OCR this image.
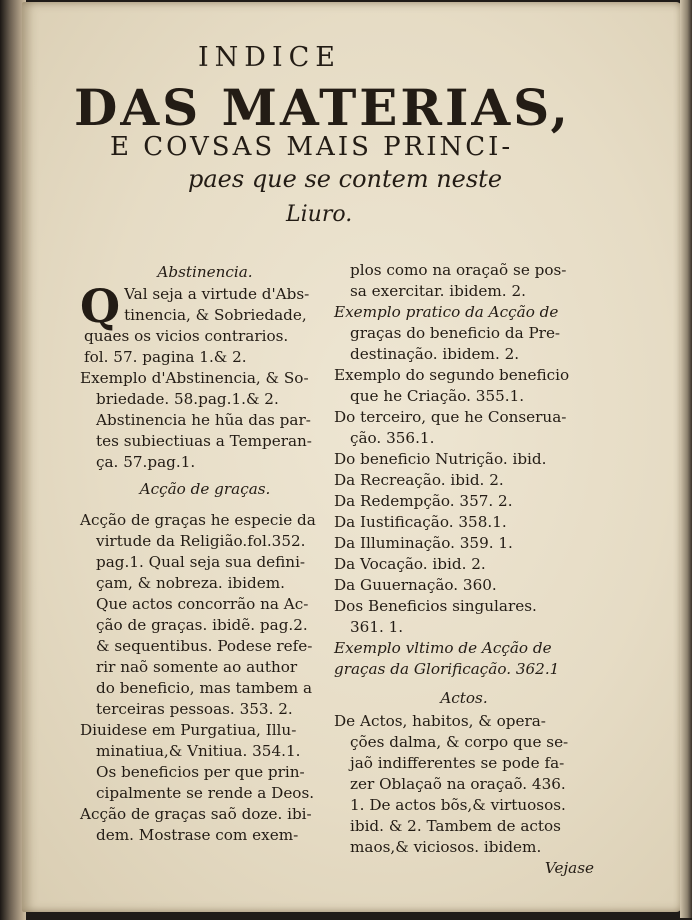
INDICE
DAS MATERIAS,
E COVSAS MAIS PRINCI-
paes que se contem neste
Liuro.
Abstinencia.
Q Val seja a virtude d'Abs-
tinencia, & Sobriedade,
quaes os vicios contrarios.
fol. 57. pagina 1.& 2.
Exemplo d'Abstinencia, & So-
briedade. 58.pag.1.& 2.
Abstinencia he hũa das par-
tes subiectiuas a Temperan-
ça. 57.pag.1.
Acção de graças.
Acção de graças he especie da
virtude da Religião.fol.352.
pag.1. Qual seja sua defini-
çam, & nobreza. ibidem.
Que actos concorrão na Ac-
ção de graças. ibidẽ. pag.2.
& sequentibus. Podese refe-
rir naõ somente ao author
do beneficio, mas tambem a
terceiras pessoas. 353. 2.
Diuidese em Purgatiua, Illu-
minatiua,& Vnitiua. 354.1.
Os beneficios per que prin-
cipalmente se rende a Deos.
Acção de graças saõ doze. ibi-
dem. Mostrase com exem-
plos como na oraçaõ se pos-
sa exercitar. ibidem. 2.
Exemplo pratico da Acção de
graças do beneficio da Pre-
destinação. ibidem. 2.
Exemplo do segundo beneficio
que he Criação. 355.1.
Do terceiro, que he Conserua-
ção. 356.1.
Do beneficio Nutrição. ibid.
Da Recreação. ibid. 2.
Da Redempção. 357. 2.
Da Iustificação. 358.1.
Da Illuminação. 359. 1.
Da Vocação. ibid. 2.
Da Guuernação. 360.
Dos Beneficios singulares.
361. 1.
Exemplo vltimo de Acção de
graças da Glorificação. 362.1
Actos.
De Actos, habitos, & opera-
ções dalma, & corpo que se-
jaõ indifferentes se pode fa-
zer Oblaçaõ na oraçaõ. 436.
1. De actos bõs,& virtuosos.
ibid. & 2. Tambem de actos
maos,& viciosos. ibidem.
Vejase
